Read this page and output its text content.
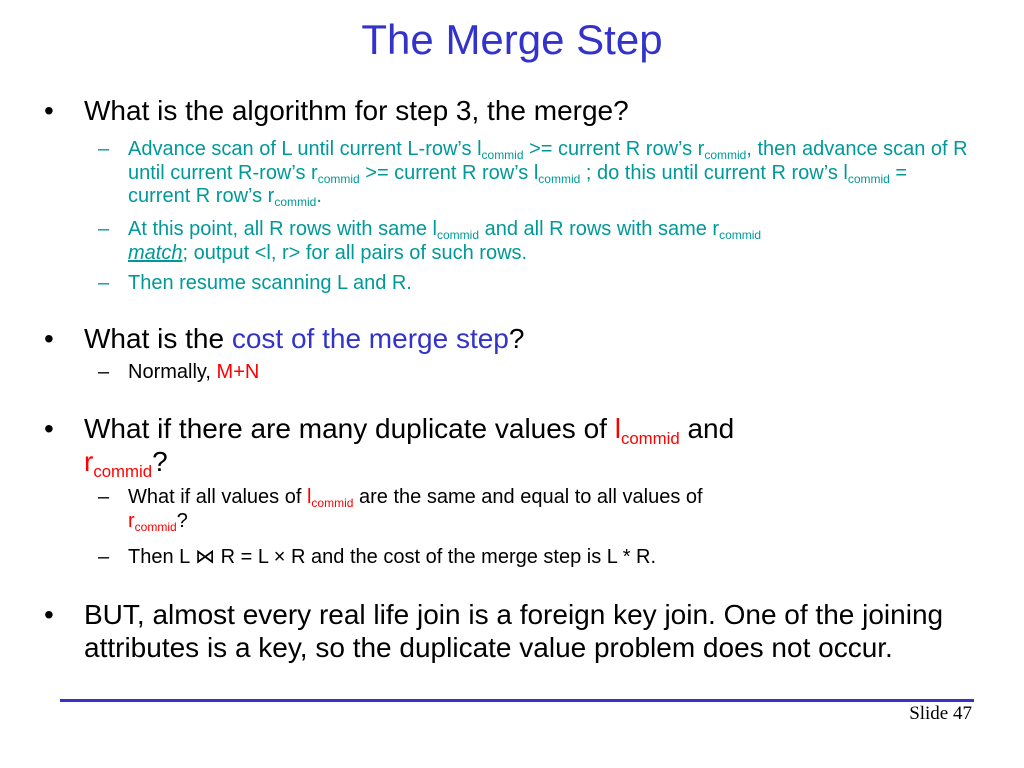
The Merge Step
•	What is the algorithm for step 3, the merge?
– Advance scan of L until current L-row’s $l_{commid}$ >= current R row’s $r_{commid}$, then advance scan of R until current R-row’s $r_{commid}$ >= current R row’s $l_{commid}$ ; do this until current R row’s $l_{commid}$ = current R row’s $r_{commid}$.
– At this point, all R rows with same $l_{commid}$ and all R rows with same $r_{commid}$
match; output <l, r> for all pairs of such rows.
– Then resume scanning L and R.
•	What is the cost of the merge step?
– Normally, M+N
•	What if there are many duplicate values of $l_{commid}$ and
$r_{commid}$?
– What if all values of $l_{commid}$ are the same and equal to all values of
$r_{commid}$?
– Then L ⋈ R = L × R and the cost of the merge step is L * R.
•	BUT, almost every real life join is a foreign key join. One of the joining attributes is a key, so the duplicate value problem does not occur.
Slide 47
